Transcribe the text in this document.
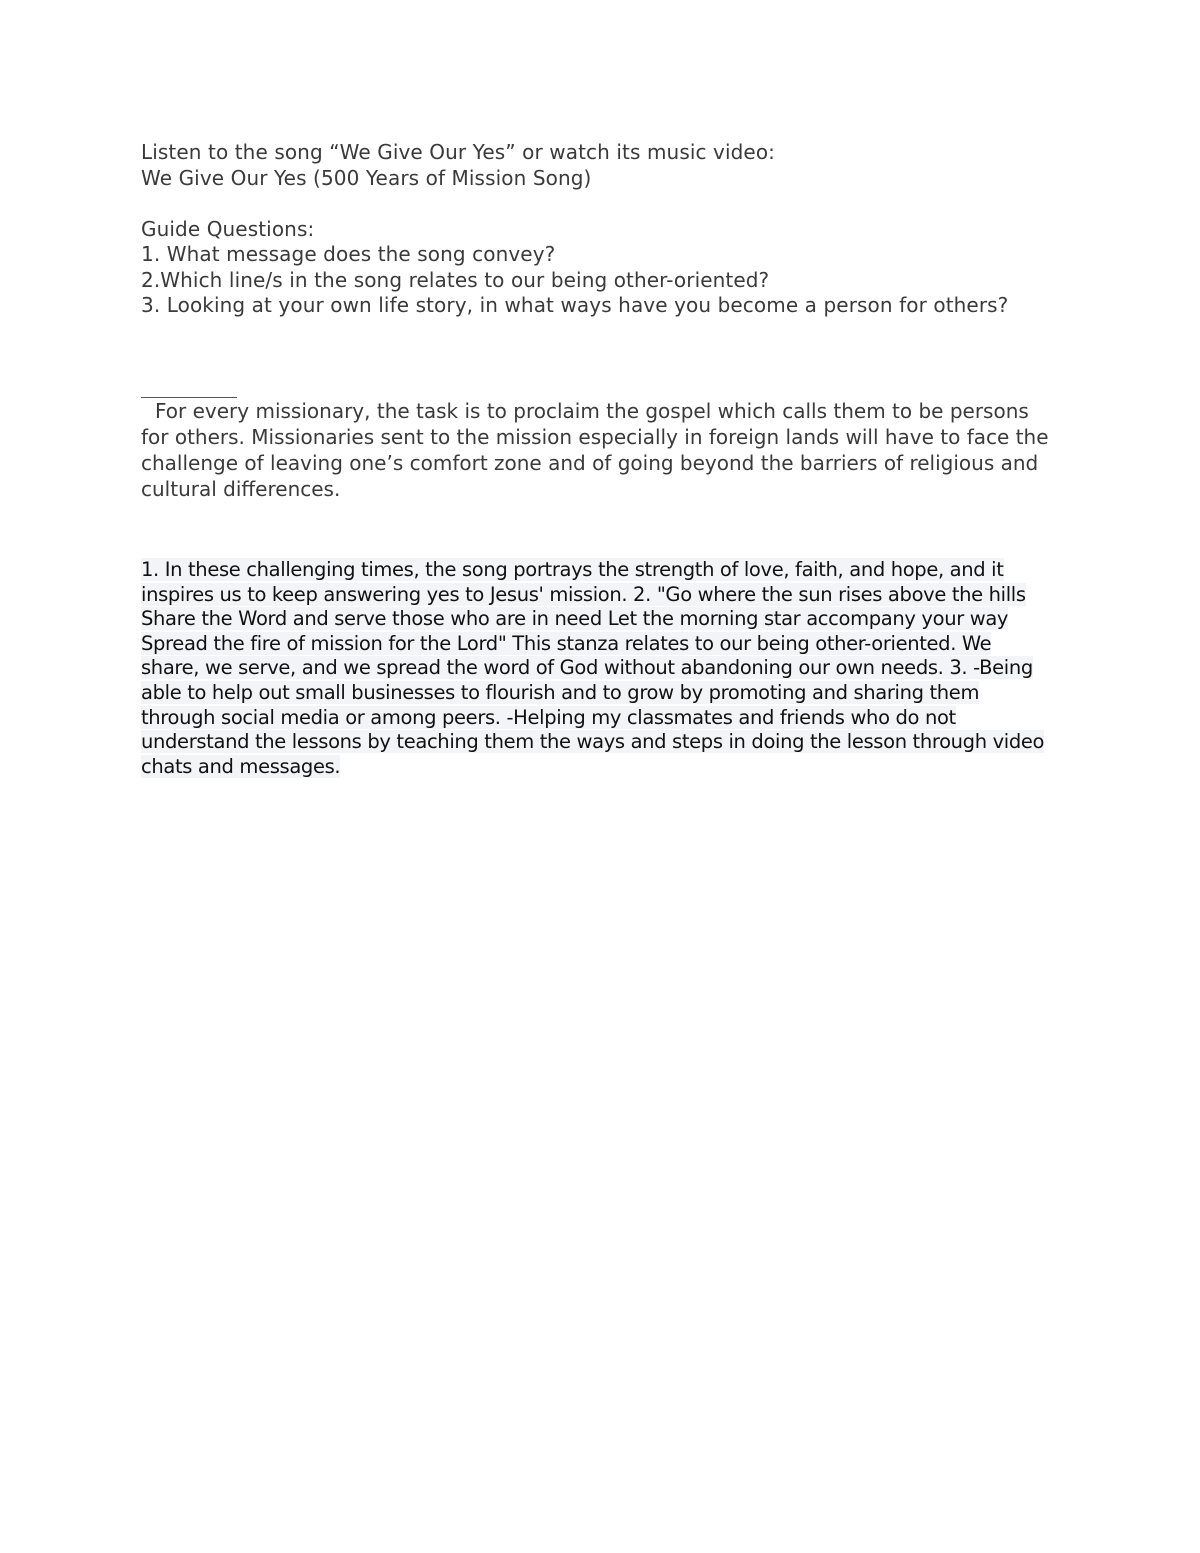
Listen to the song “We Give Our Yes” or watch its music video:
We Give Our Yes (500 Years of Mission Song)
Guide Questions:
1. What message does the song convey?
2.Which line/s in the song relates to our being other-oriented?
3. Looking at your own life story, in what ways have you become a person for others?
For every missionary, the task is to proclaim the gospel which calls them to be persons for others. Missionaries sent to the mission especially in foreign lands will have to face the challenge of leaving one’s comfort zone and of going beyond the barriers of religious and cultural differences.
1. In these challenging times, the song portrays the strength of love, faith, and hope, and it inspires us to keep answering yes to Jesus' mission. 2. "Go where the sun rises above the hills Share the Word and serve those who are in need Let the morning star accompany your way Spread the fire of mission for the Lord" This stanza relates to our being other-oriented. We share, we serve, and we spread the word of God without abandoning our own needs. 3. -Being able to help out small businesses to flourish and to grow by promoting and sharing them through social media or among peers. -Helping my classmates and friends who do not understand the lessons by teaching them the ways and steps in doing the lesson through video chats and messages.
